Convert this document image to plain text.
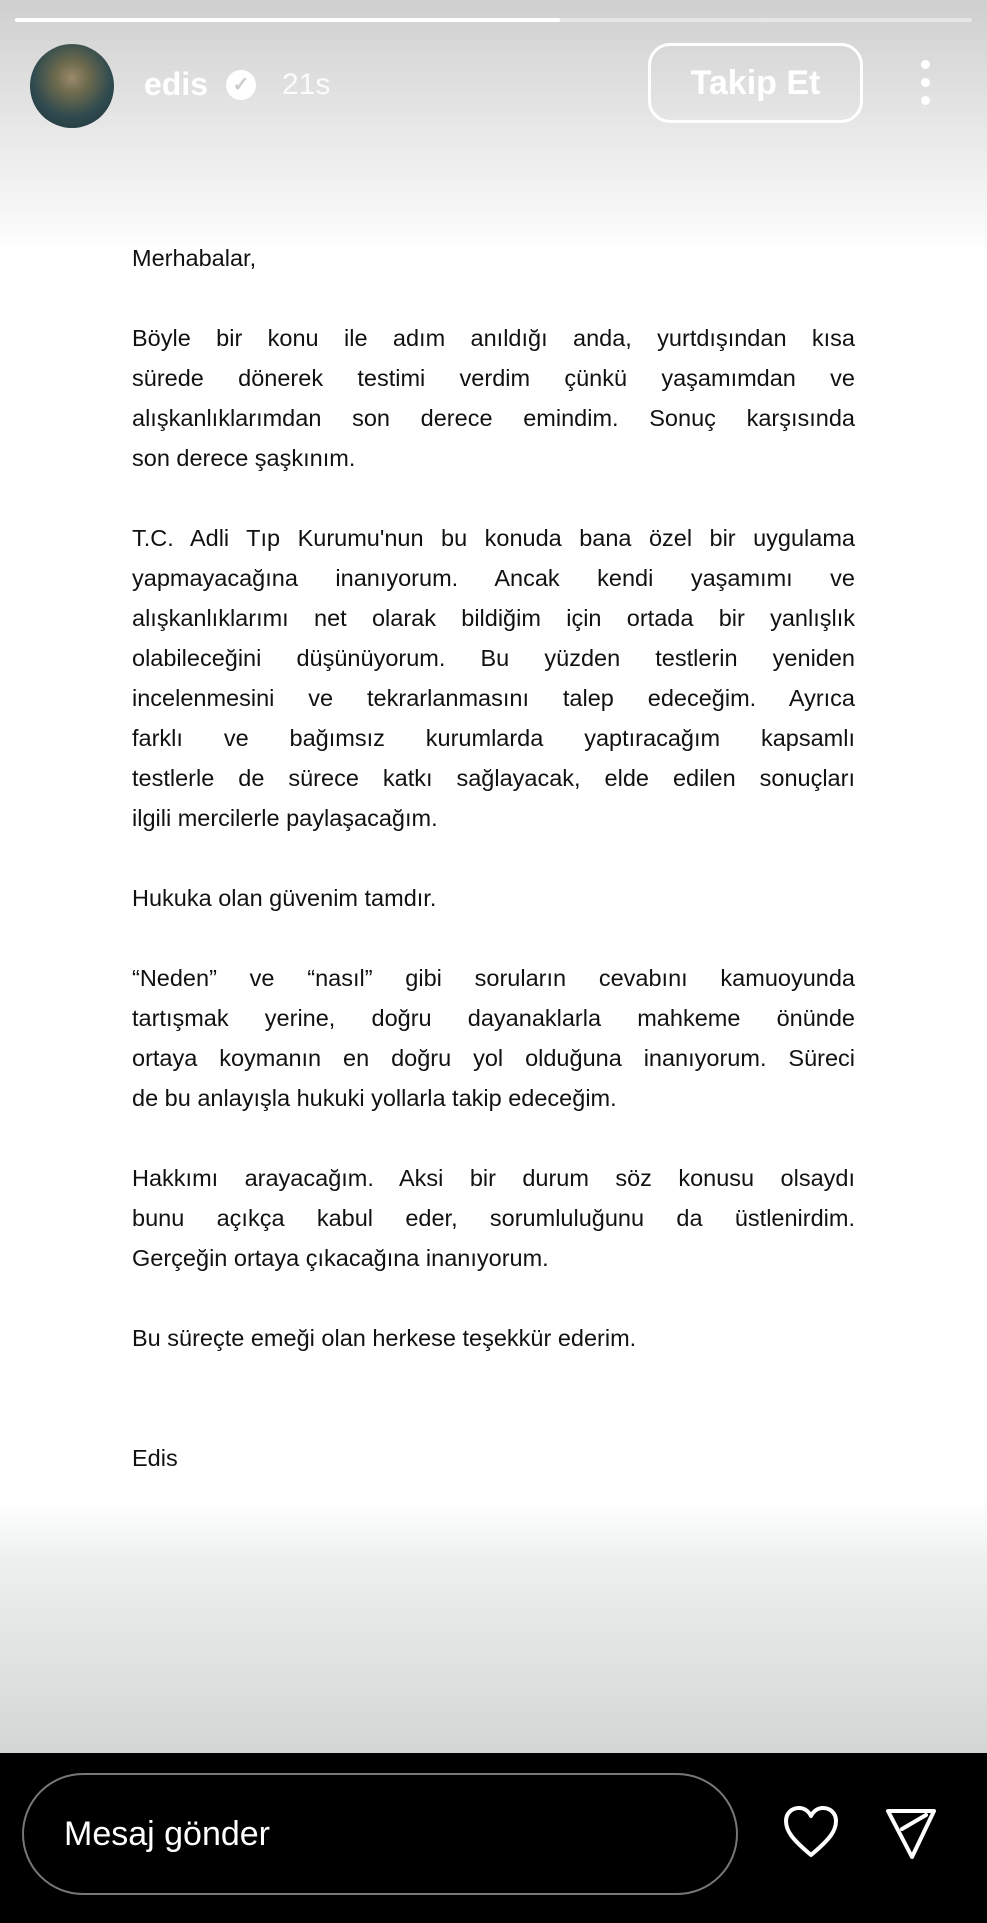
edis	✓ 21s	Takip Et
Merhabalar,
Böyle bir konu ile adım anıldığı anda, yurtdışından kısa
sürede dönerek testimi verdim çünkü yaşamımdan ve
alışkanlıklarımdan son derece emindim. Sonuç karşısında
son derece şaşkınım.
T.C. Adli Tıp Kurumu'nun bu konuda bana özel bir uygulama
yapmayacağına inanıyorum. Ancak kendi yaşamımı ve
alışkanlıklarımı net olarak bildiğim için ortada bir yanlışlık
olabileceğini düşünüyorum. Bu yüzden testlerin yeniden
incelenmesini ve tekrarlanmasını talep edeceğim. Ayrıca
farklı ve bağımsız kurumlarda yaptıracağım kapsamlı
testlerle de sürece katkı sağlayacak, elde edilen sonuçları
ilgili mercilerle paylaşacağım.
Hukuka olan güvenim tamdır.
“Neden” ve “nasıl” gibi soruların cevabını kamuoyunda
tartışmak yerine, doğru dayanaklarla mahkeme önünde
ortaya koymanın en doğru yol olduğuna inanıyorum. Süreci
de bu anlayışla hukuki yollarla takip edeceğim.
Hakkımı arayacağım. Aksi bir durum söz konusu olsaydı
bunu açıkça kabul eder, sorumluluğunu da üstlenirdim.
Gerçeğin ortaya çıkacağına inanıyorum.
Bu süreçte emeği olan herkese teşekkür ederim.
Edis
Mesaj gönder
